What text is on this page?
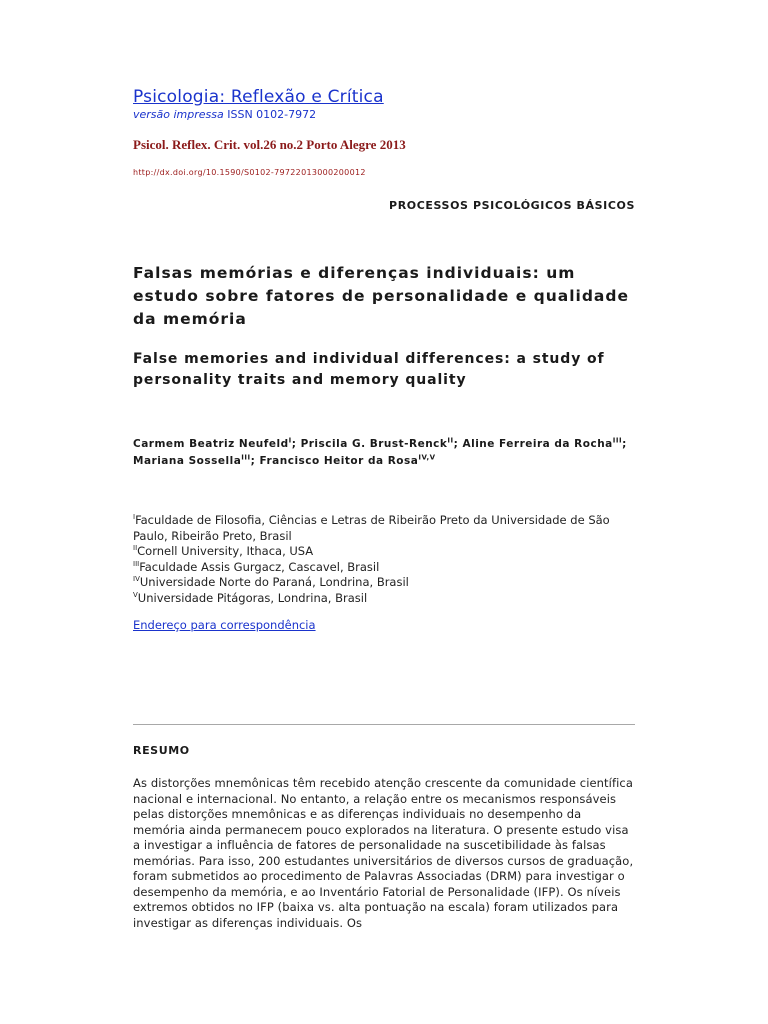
Psicologia: Reflexão e Crítica
versão impressa ISSN 0102-7972
Psicol. Reflex. Crit. vol.26 no.2 Porto Alegre 2013
http://dx.doi.org/10.1590/S0102-79722013000200012
PROCESSOS PSICOLÓGICOS BÁSICOS
Falsas memórias e diferenças individuais: um estudo sobre fatores de personalidade e qualidade da memória
False memories and individual differences: a study of personality traits and memory quality
Carmem Beatriz Neufeld$^I$; Priscila G. Brust-Renck$^{II}$; Aline Ferreira da Rocha$^{III}$; Mariana Sossella$^{III}$; Francisco Heitor da Rosa$^{IV,V}$
$^I$Faculdade de Filosofia, Ciências e Letras de Ribeirão Preto da Universidade de São Paulo, Ribeirão Preto, Brasil
$^{II}$Cornell University, Ithaca, USA
$^{III}$Faculdade Assis Gurgacz, Cascavel, Brasil
$^{IV}$Universidade Norte do Paraná, Londrina, Brasil
$^V$Universidade Pitágoras, Londrina, Brasil
Endereço para correspondência
RESUMO
As distorções mnemônicas têm recebido atenção crescente da comunidade científica nacional e internacional. No entanto, a relação entre os mecanismos responsáveis pelas distorções mnemônicas e as diferenças individuais no desempenho da memória ainda permanecem pouco explorados na literatura. O presente estudo visa a investigar a influência de fatores de personalidade na suscetibilidade às falsas memórias. Para isso, 200 estudantes universitários de diversos cursos de graduação, foram submetidos ao procedimento de Palavras Associadas (DRM) para investigar o desempenho da memória, e ao Inventário Fatorial de Personalidade (IFP). Os níveis extremos obtidos no IFP (baixa vs. alta pontuação na escala) foram utilizados para investigar as diferenças individuais. Os
